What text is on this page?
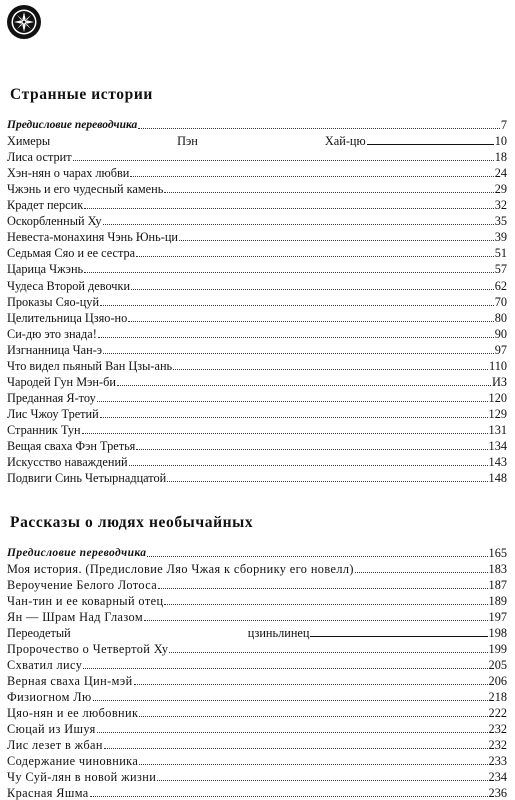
Странные истории
Предисловие переводчика	7
Химеры	Пэн	Хай-цю	10
Лиса острит	18
Хэн-нян о чарах любви	24
Чжэнь и его чудесный камень	29
Крадет персик	32
Оскорбленный Ху	35
Невеста-монахиня Чэнь Юнь-ци	39
Седьмая Сяо и ее сестра	51
Царица Чжэнь	57
Чудеса Второй девочки	62
Проказы Сяо-цуй	70
Целительница Цзяо-но	80
Си-дю это знада!	90
Изгнанница Чан-э	97
Что видел пьяный Ван Цзы-ань	110
Чародей Гун Мэн-би	ИЗ
Преданная Я-тоу	120
Лис Чжоу Третий	129
Странник Тун	131
Вещая сваха Фэн Третья	134
Искусство наваждений	143
Подвиги Синь Четырнадцатой	148
Рассказы о людях необычайных
Предисловие переводчика	165
Моя история. (Предисловие Ляо Чжая к сборнику его новелл)	183
Вероучение Белого Лотоса	187
Чан-тин и ее коварный отец	189
Ян — Шрам Над Глазом	197
Переодетый	цзиньлинец	198
Пророчество о Четвертой Ху	199
Схватил лису	205
Верная сваха Цин-мэй	206
Физиогном Лю	218
Цяо-нян и ее любовник	222
Сюцай из Ишуя	232
Лис лезет в жбан	232
Содержание чиновника	233
Чу Суй-лян в новой жизни	234
Красная Яшма	236
